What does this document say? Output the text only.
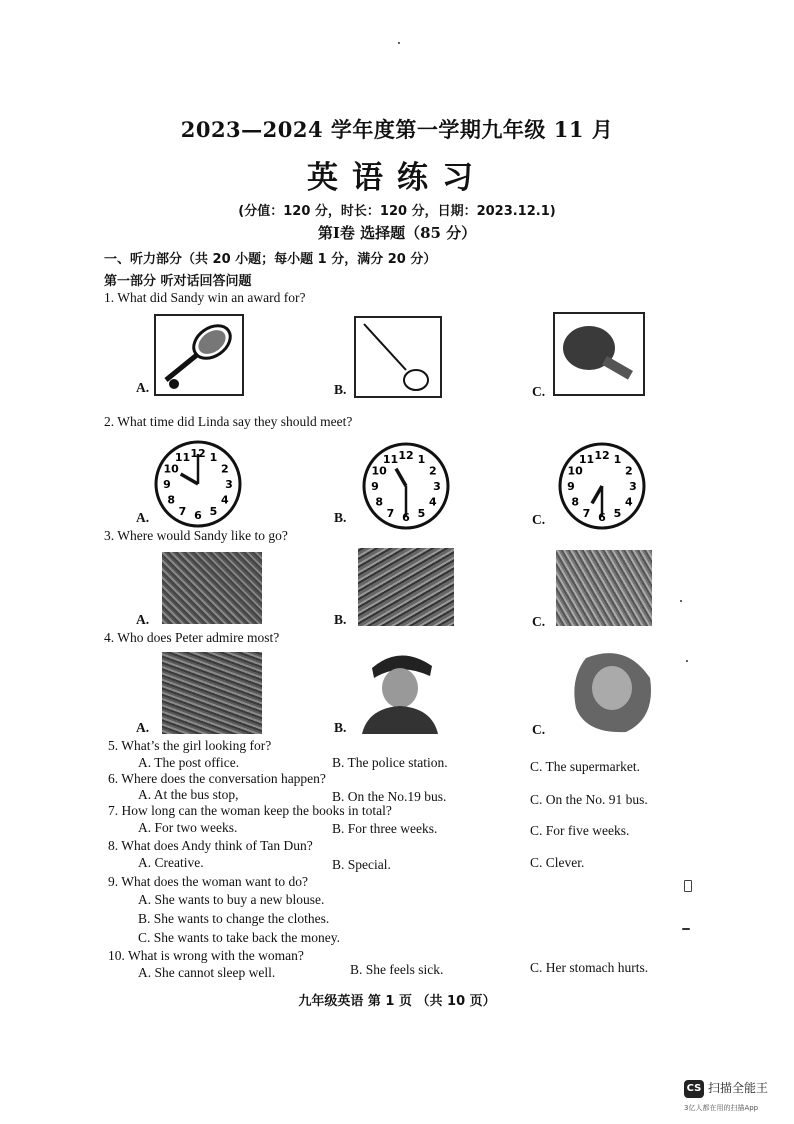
2023—2024 学年度第一学期九年级 11 月
英语练习
(分值：120 分，时长：120 分，日期：2023.12.1)
第Ⅰ卷 选择题（85 分）
一、听力部分（共 20 小题；每小题 1 分，满分 20 分）
第一部分 听对话回答问题
1. What did Sandy win an award for?
A.	B.	C.
2. What time did Linda say they should meet?
12 1
2
3
4
5
6
7
8
9
10
11
A.
12 1
2
3
4
5
6
7
8
9
10
11
B.
12 1
2
3
4
5
6
7
8
9
10
11
C.
3. Where would Sandy like to go?
A.	B.	C.
4. Who does Peter admire most?
A.	B.	C.
5. What’s the girl looking for?
A. The post office.	B. The police station.	C. The supermarket.
6. Where does the conversation happen?
A. At the bus stop,	B. On the No.19 bus.	C. On the No. 91 bus.
7. How long can the woman keep the books in total?
A. For two weeks.	B. For three weeks.	C. For five weeks.
8. What does Andy think of Tan Dun?
A. Creative.	B. Special.	C. Clever.
9. What does the woman want to do?
A. She wants to buy a new blouse.
B. She wants to change the clothes.
C. She wants to take back the money.
10. What is wrong with the woman?
A. She cannot sleep well.	B. She feels sick.	C. Her stomach hurts.
九年级英语 第 1 页 （共 10 页）
CS 扫描全能王
3亿人都在用的扫描App
